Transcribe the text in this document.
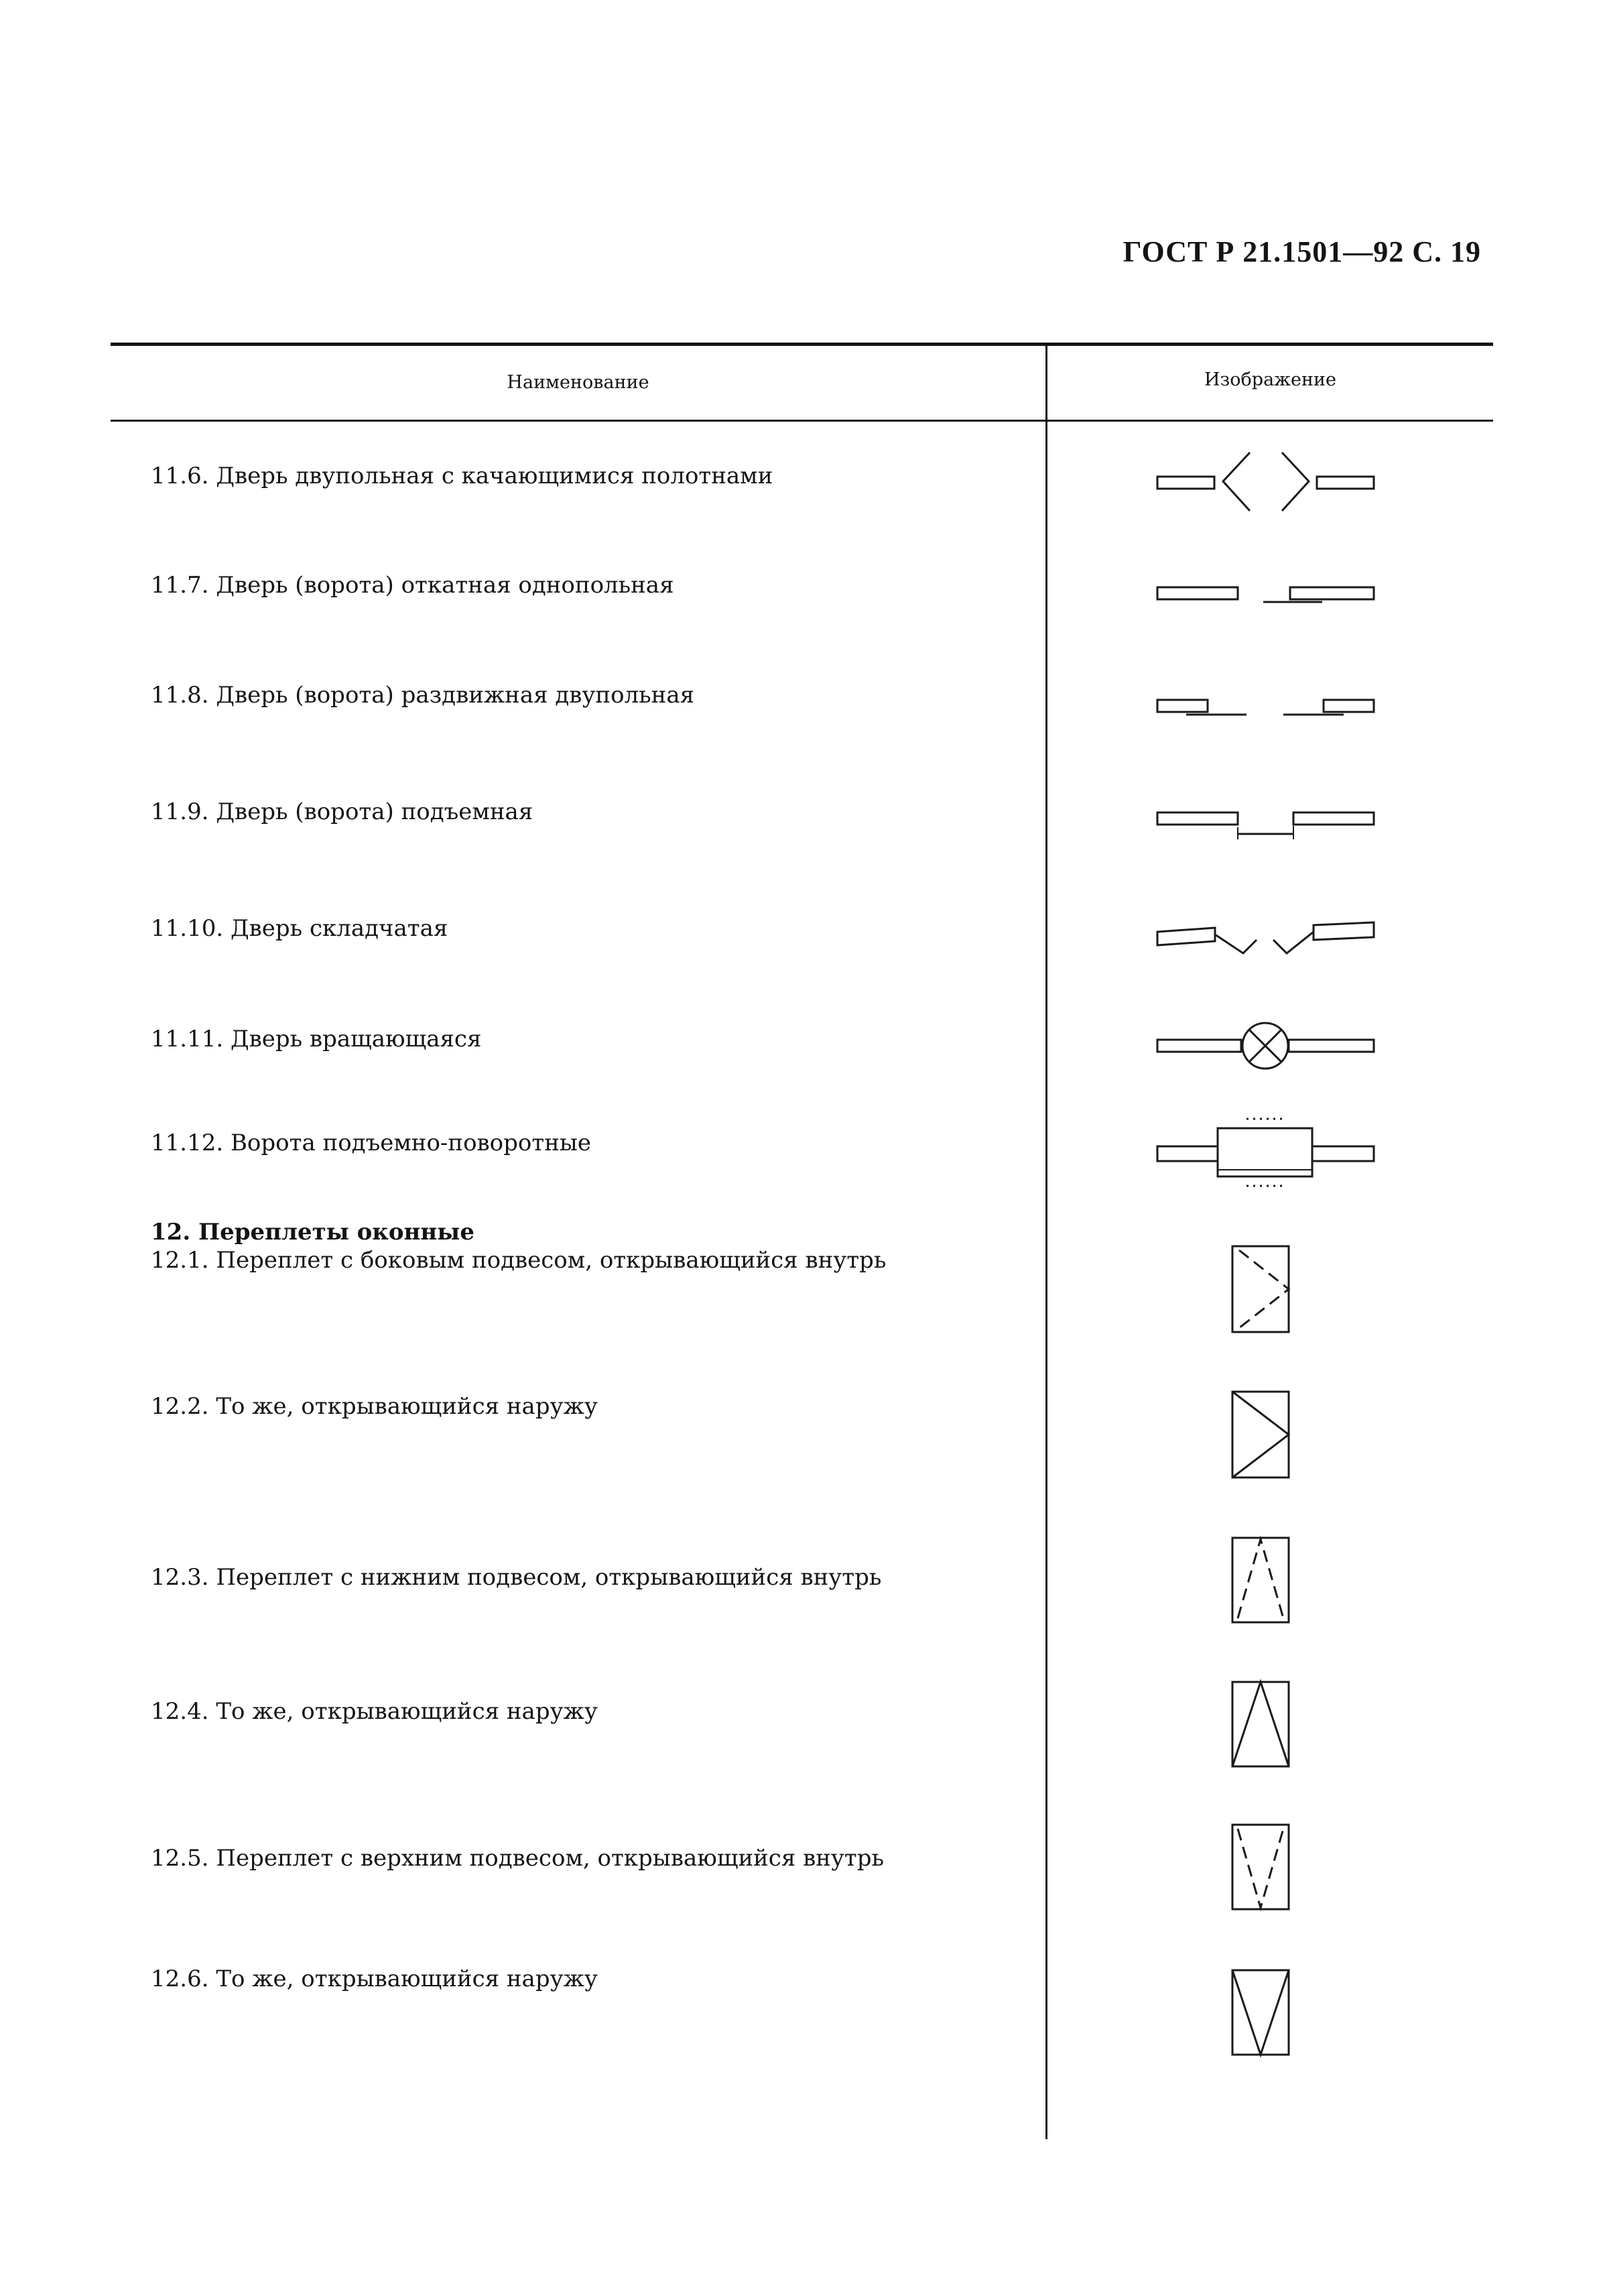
ГОСТ Р 21.1501—92 С. 19
Наименование	Изображение
11.6. Дверь двупольная с качающимися полотнами
11.7. Дверь (ворота) откатная однопольная
11.8. Дверь (ворота) раздвижная двупольная
11.9. Дверь (ворота) подъемная
11.10. Дверь складчатая
11.11. Дверь вращающаяся
11.12. Ворота подъемно-поворотные
12. Переплеты оконные
12.1. Переплет с боковым подвесом, открывающийся внутрь
12.2. То же, открывающийся наружу
12.3. Переплет с нижним подвесом, открывающийся внутрь
12.4. То же, открывающийся наружу
12.5. Переплет с верхним подвесом, открывающийся внутрь
12.6. То же, открывающийся наружу
